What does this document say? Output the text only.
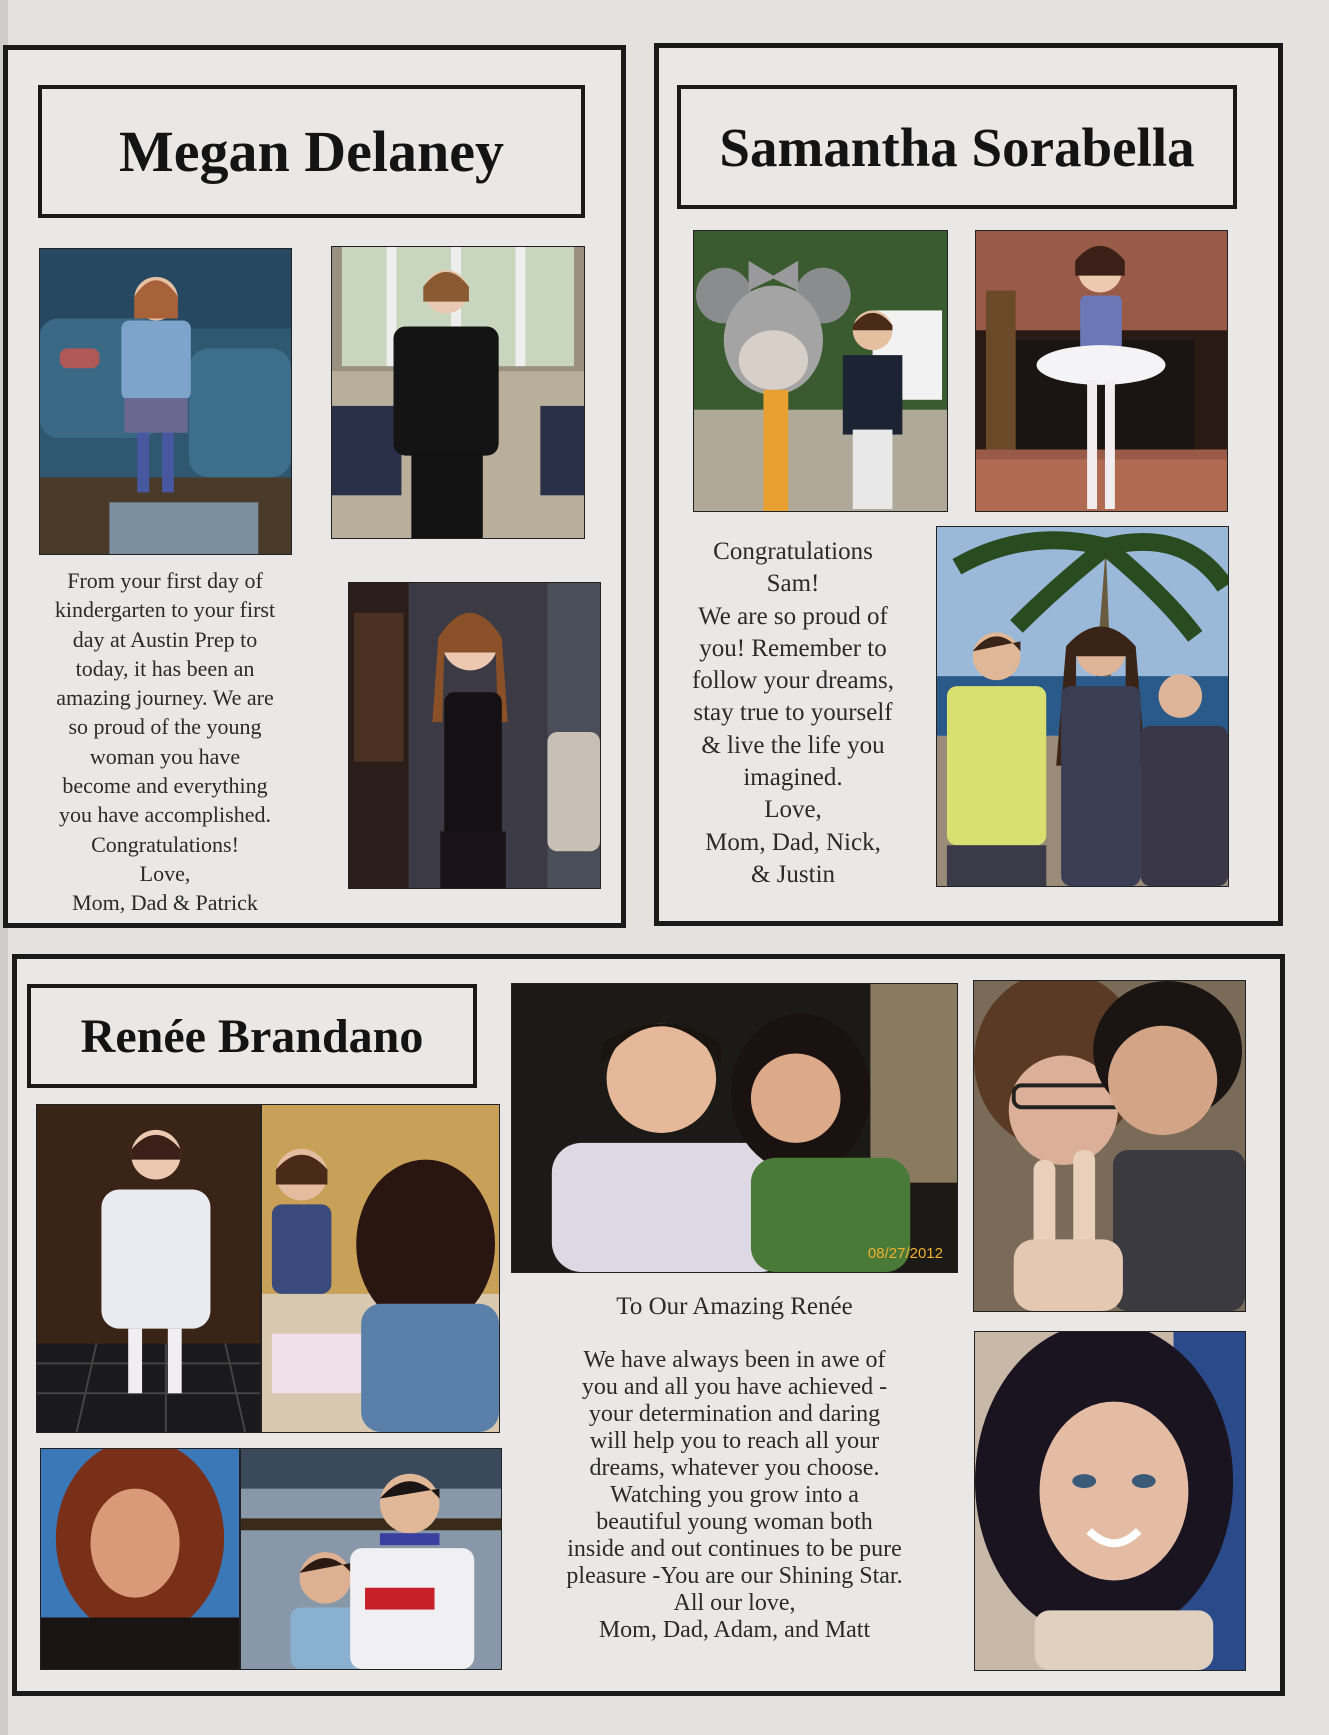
Megan Delaney
From your first day of
kindergarten to your first
day at Austin Prep to
today, it has been an
amazing journey. We are
so proud of the young
woman you have
become and everything
you have accomplished.
Congratulations!
Love,
Mom, Dad & Patrick
Samantha Sorabella
Congratulations
Sam!
We are so proud of
you! Remember to
follow your dreams,
stay true to yourself
& live the life you
imagined.
Love,
Mom, Dad, Nick,
& Justin
Renée Brandano
08/27/2012
To Our Amazing Renée
We have always been in awe of
you and all you have achieved -
your determination and daring
will help you to reach all your
dreams, whatever you choose.
Watching you grow into a
beautiful young woman both
inside and out continues to be pure
pleasure -You are our Shining Star.
All our love,
Mom, Dad, Adam, and Matt
